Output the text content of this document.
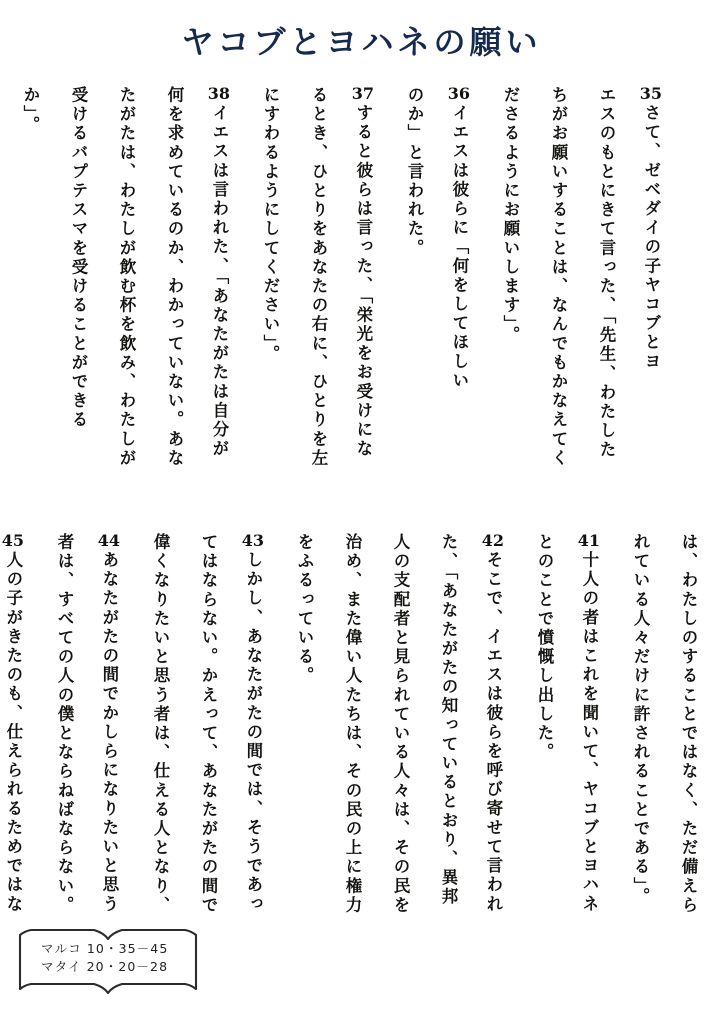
ヤコブとヨハネの願い
35さて、ゼベダイの子ヤコブとヨ
エスのもとにきて言った、「先生、わたした
ちがお願いすることは、なんでもかなえてく
ださるようにお願いします」。
36イエスは彼らに「何をしてほしい
のか」と言われた。
37すると彼らは言った、「栄光をお受けにな
るとき、ひとりをあなたの右に、ひとりを左
にすわるようにしてください」。
38イエスは言われた、「あなたがたは自分が
何を求めているのか、わかっていない。あな
たがたは、わたしが飲む杯を飲み、わたしが
受けるバプテスマを受けることができる
か」。
は、わたしのすることではなく、ただ備えら
れている人々だけに許されることである」。
41十人の者はこれを聞いて、ヤコブとヨハネ
とのことで憤慨し出した。
42そこで、イエスは彼らを呼び寄せて言われ
た、「あなたがたの知っているとおり、異邦
人の支配者と見られている人々は、その民を
治め、また偉い人たちは、その民の上に権力
をふるっている。
43しかし、あなたがたの間では、そうであっ
てはならない。かえって、あなたがたの間で
偉くなりたいと思う者は、仕える人となり、
44あなたがたの間でかしらになりたいと思う
者は、すべての人の僕とならねばならない。
45人の子がきたのも、仕えられるためではな
マルコ 10・35－45
マタイ 20・20－28
